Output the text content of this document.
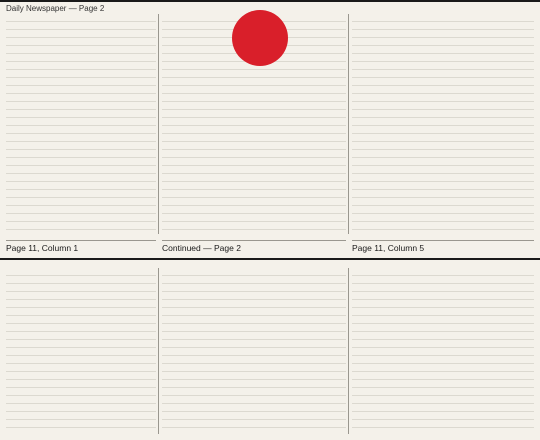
Daily Newspaper — Page 2
Page 11, Column 1	Continued — Page 2	Page 11, Column 5
